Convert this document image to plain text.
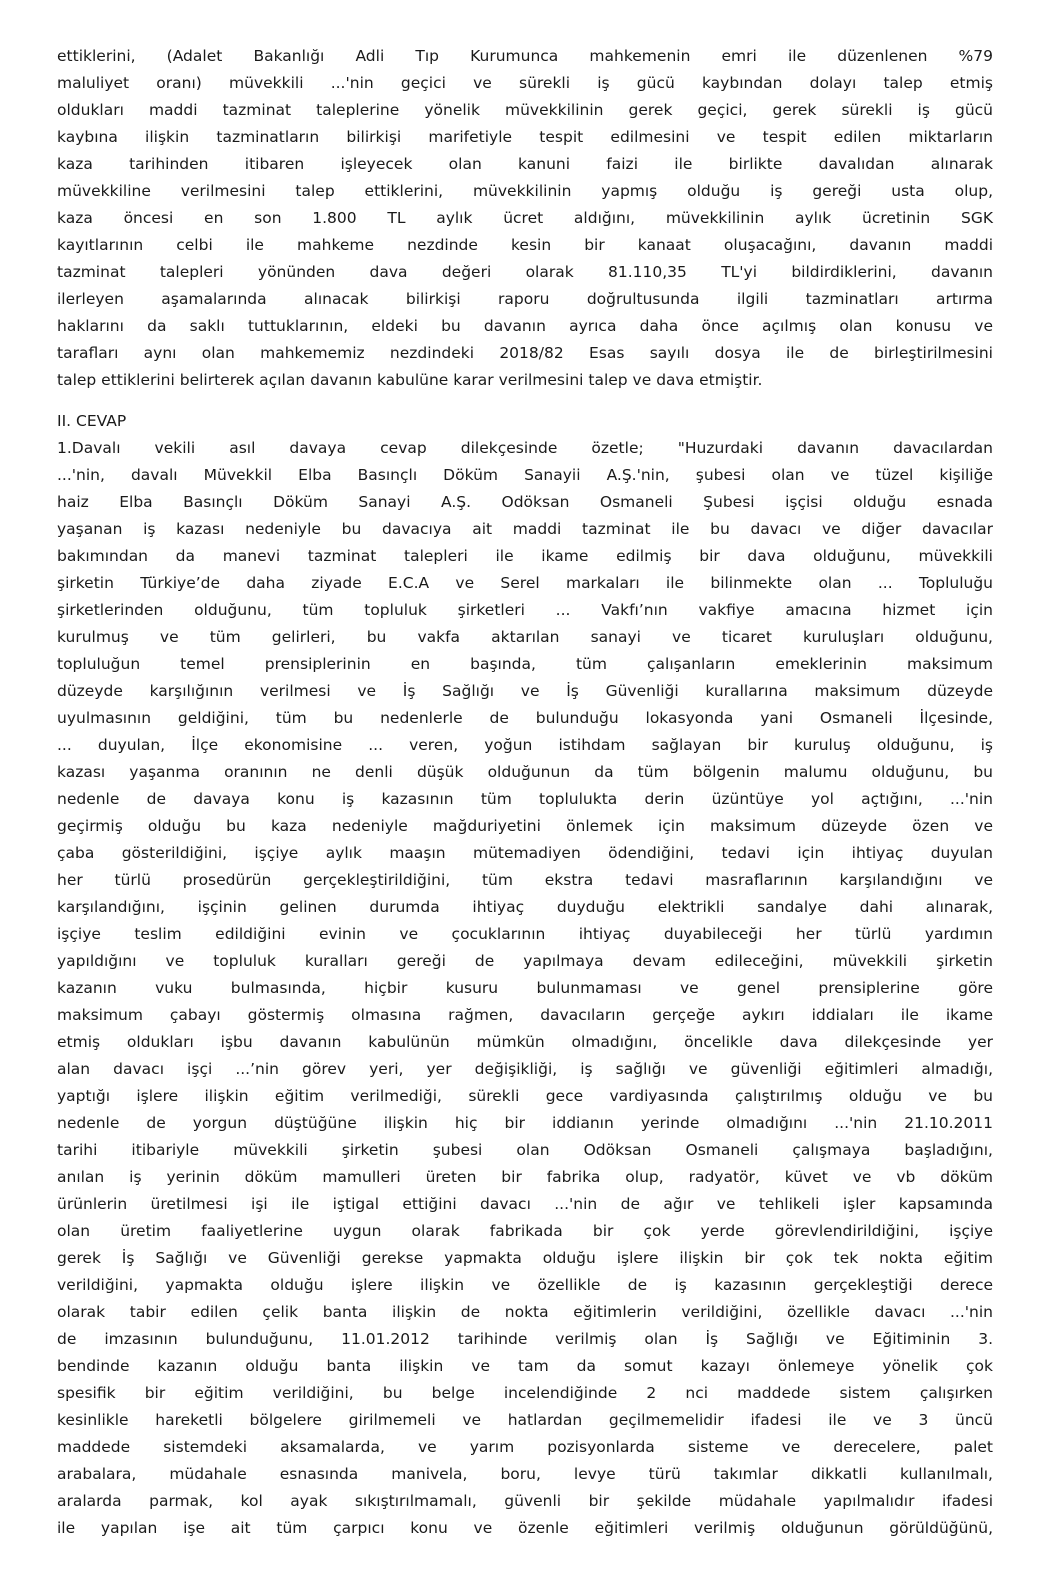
ettiklerini, (Adalet Bakanlığı Adli Tıp Kurumunca mahkemenin emri ile düzenlenen %79
maluliyet oranı) müvekkili ...'nin geçici ve sürekli iş gücü kaybından dolayı talep etmiş
oldukları maddi tazminat taleplerine yönelik müvekkilinin gerek geçici, gerek sürekli iş gücü
kaybına ilişkin tazminatların bilirkişi marifetiyle tespit edilmesini ve tespit edilen miktarların
kaza tarihinden itibaren işleyecek olan kanuni faizi ile birlikte davalıdan alınarak
müvekkiline verilmesini talep ettiklerini, müvekkilinin yapmış olduğu iş gereği usta olup,
kaza öncesi en son 1.800 TL aylık ücret aldığını, müvekkilinin aylık ücretinin SGK
kayıtlarının celbi ile mahkeme nezdinde kesin bir kanaat oluşacağını, davanın maddi
tazminat talepleri yönünden dava değeri olarak 81.110,35 TL'yi bildirdiklerini, davanın
ilerleyen aşamalarında alınacak bilirkişi raporu doğrultusunda ilgili tazminatları artırma
haklarını da saklı tuttuklarının, eldeki bu davanın ayrıca daha önce açılmış olan konusu ve
tarafları aynı olan mahkememiz nezdindeki 2018/82 Esas sayılı dosya ile de birleştirilmesini
talep ettiklerini belirterek açılan davanın kabulüne karar verilmesini talep ve dava etmiştir.
II. CEVAP
1.Davalı vekili asıl davaya cevap dilekçesinde özetle; "Huzurdaki davanın davacılardan
...'nin, davalı Müvekkil Elba Basınçlı Döküm Sanayii A.Ş.'nin, şubesi olan ve tüzel kişiliğe
haiz Elba Basınçlı Döküm Sanayi A.Ş. Odöksan Osmaneli Şubesi işçisi olduğu esnada
yaşanan iş kazası nedeniyle bu davacıya ait maddi tazminat ile bu davacı ve diğer davacılar
bakımından da manevi tazminat talepleri ile ikame edilmiş bir dava olduğunu, müvekkili
şirketin Türkiye’de daha ziyade E.C.A ve Serel markaları ile bilinmekte olan ... Topluluğu
şirketlerinden olduğunu, tüm topluluk şirketleri ... Vakfı’nın vakfiye amacına hizmet için
kurulmuş ve tüm gelirleri, bu vakfa aktarılan sanayi ve ticaret kuruluşları olduğunu,
topluluğun temel prensiplerinin en başında, tüm çalışanların emeklerinin maksimum
düzeyde karşılığının verilmesi ve İş Sağlığı ve İş Güvenliği kurallarına maksimum düzeyde
uyulmasının geldiğini, tüm bu nedenlerle de bulunduğu lokasyonda yani Osmaneli İlçesinde,
... duyulan, İlçe ekonomisine ... veren, yoğun istihdam sağlayan bir kuruluş olduğunu, iş
kazası yaşanma oranının ne denli düşük olduğunun da tüm bölgenin malumu olduğunu, bu
nedenle de davaya konu iş kazasının tüm toplulukta derin üzüntüye yol açtığını, ...'nin
geçirmiş olduğu bu kaza nedeniyle mağduriyetini önlemek için maksimum düzeyde özen ve
çaba gösterildiğini, işçiye aylık maaşın mütemadiyen ödendiğini, tedavi için ihtiyaç duyulan
her türlü prosedürün gerçekleştirildiğini, tüm ekstra tedavi masraflarının karşılandığını ve
karşılandığını, işçinin gelinen durumda ihtiyaç duyduğu elektrikli sandalye dahi alınarak,
işçiye teslim edildiğini evinin ve çocuklarının ihtiyaç duyabileceği her türlü yardımın
yapıldığını ve topluluk kuralları gereği de yapılmaya devam edileceğini, müvekkili şirketin
kazanın vuku bulmasında, hiçbir kusuru bulunmaması ve genel prensiplerine göre
maksimum çabayı göstermiş olmasına rağmen, davacıların gerçeğe aykırı iddiaları ile ikame
etmiş oldukları işbu davanın kabulünün mümkün olmadığını, öncelikle dava dilekçesinde yer
alan davacı işçi ...’nin görev yeri, yer değişikliği, iş sağlığı ve güvenliği eğitimleri almadığı,
yaptığı işlere ilişkin eğitim verilmediği, sürekli gece vardiyasında çalıştırılmış olduğu ve bu
nedenle de yorgun düştüğüne ilişkin hiç bir iddianın yerinde olmadığını ...'nin 21.10.2011
tarihi itibariyle müvekkili şirketin şubesi olan Odöksan Osmaneli çalışmaya başladığını,
anılan iş yerinin döküm mamulleri üreten bir fabrika olup, radyatör, küvet ve vb döküm
ürünlerin üretilmesi işi ile iştigal ettiğini davacı ...'nin de ağır ve tehlikeli işler kapsamında
olan üretim faaliyetlerine uygun olarak fabrikada bir çok yerde görevlendirildiğini, işçiye
gerek İş Sağlığı ve Güvenliği gerekse yapmakta olduğu işlere ilişkin bir çok tek nokta eğitim
verildiğini, yapmakta olduğu işlere ilişkin ve özellikle de iş kazasının gerçekleştiği derece
olarak tabir edilen çelik banta ilişkin de nokta eğitimlerin verildiğini, özellikle davacı ...'nin
de imzasının bulunduğunu, 11.01.2012 tarihinde verilmiş olan İş Sağlığı ve Eğitiminin 3.
bendinde kazanın olduğu banta ilişkin ve tam da somut kazayı önlemeye yönelik çok
spesifik bir eğitim verildiğini, bu belge incelendiğinde 2 nci maddede sistem çalışırken
kesinlikle hareketli bölgelere girilmemeli ve hatlardan geçilmemelidir ifadesi ile ve 3 üncü
maddede sistemdeki aksamalarda, ve yarım pozisyonlarda sisteme ve derecelere, palet
arabalara, müdahale esnasında manivela, boru, levye türü takımlar dikkatli kullanılmalı,
aralarda parmak, kol ayak sıkıştırılmamalı, güvenli bir şekilde müdahale yapılmalıdır ifadesi
ile yapılan işe ait tüm çarpıcı konu ve özenle eğitimleri verilmiş olduğunun görüldüğünü,
